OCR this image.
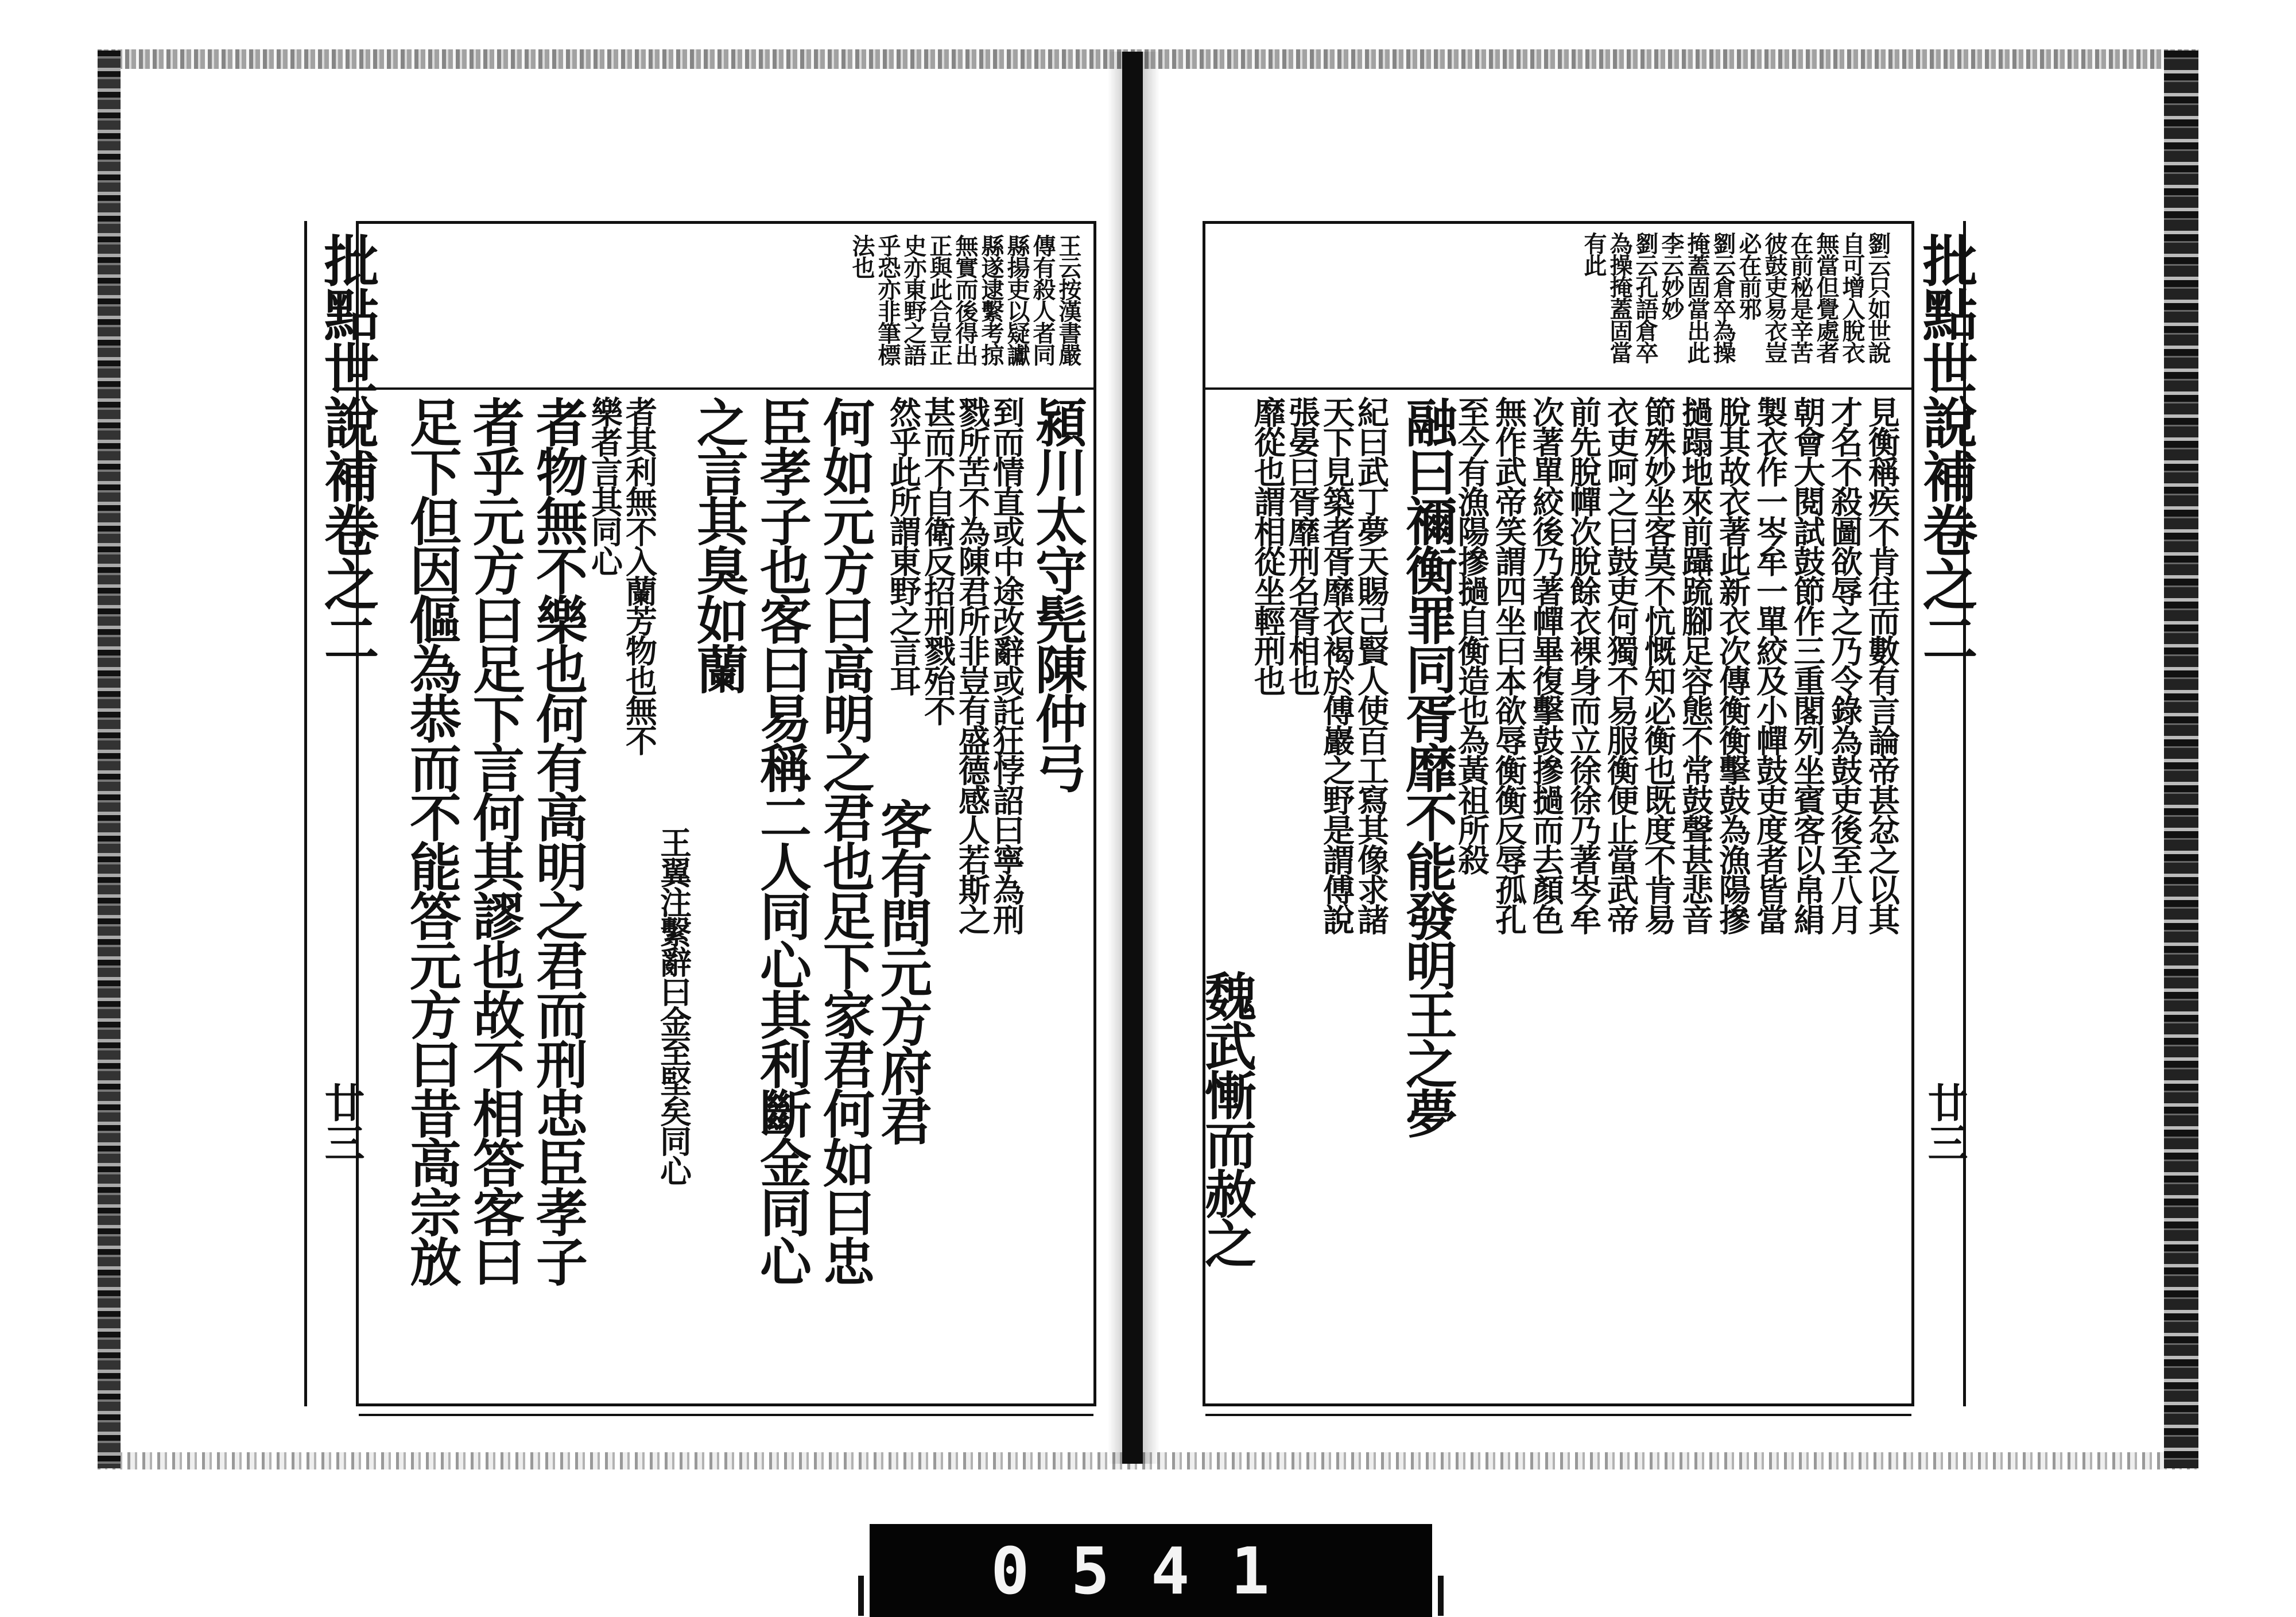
批點世說補卷之二
廿三
王云按漢書嚴
傳有殺人者同
縣揚吏以疑讞
縣遂逮繫考掠
無實而後得出
正與此合豈正
史亦東野之語
乎恐亦非筆標
法也
潁川太守髡陳仲弓
到而情直或中途改辭或託狂悖詔曰寧為刑
戮所苦不為陳君所非豈有盛德感人若斯之
甚而不自衛反招刑戮殆不
然乎此所謂東野之言耳
客有問元方府君
何如元方曰高明之君也足下家君何如曰忠
臣孝子也客曰易稱二人同心其利斷金同心
之言其臭如蘭
王翼注繫辭曰金至堅矣同心
者其利無不入蘭芳物也無不
樂者言其同心
者物無不樂也何有高明之君而刑忠臣孝子
者乎元方曰足下言何其謬也故不相答客曰
足下但因傴為恭而不能答元方曰昔高宗放	批點世說補卷之二
廿三
劉云只如世說
自可增入脫衣
無當但覺處者
在前秘是辛苦
彼鼓吏易衣豈
必在前邪
劉云倉卒為操
掩蓋固當出此
李云妙妙
劉云孔語倉卒
為操掩蓋固當
有此
見衡稱疾不肯往而數有言論帝甚忿之以其
才名不殺圖欲辱之乃令錄為鼓吏後至八月
朝會大閱試鼓節作三重閣列坐賓客以帛絹
製衣作一岑牟一單絞及小幝鼓吏度者皆當
脫其故衣著此新衣次傳衡衡擊鼓為漁陽摻
撾蹋地來前躡䟽腳足容態不常鼓聲甚悲音
節殊妙坐客莫不忼慨知必衡也既度不肯易
衣吏呵之曰鼓吏何獨不易服衡便止當武帝
前先脫幝次脫餘衣裸身而立徐徐乃著岑牟
次著單絞後乃著幝畢復擊鼓摻撾而去顏色
無作武帝笑謂四坐曰本欲辱衡衡反辱孤孔
至今有漁陽摻撾自衡造也為黃祖所殺
融曰禰衡罪同胥靡不能發明王之夢
紀曰武丁夢天賜己賢人使百工寫其像求諸
天下見築者胥靡衣褐於傅巖之野是謂傅說
張晏曰胥靡刑名胥相也
靡從也謂相從坐輕刑也
魏武慚而赦之
0541
